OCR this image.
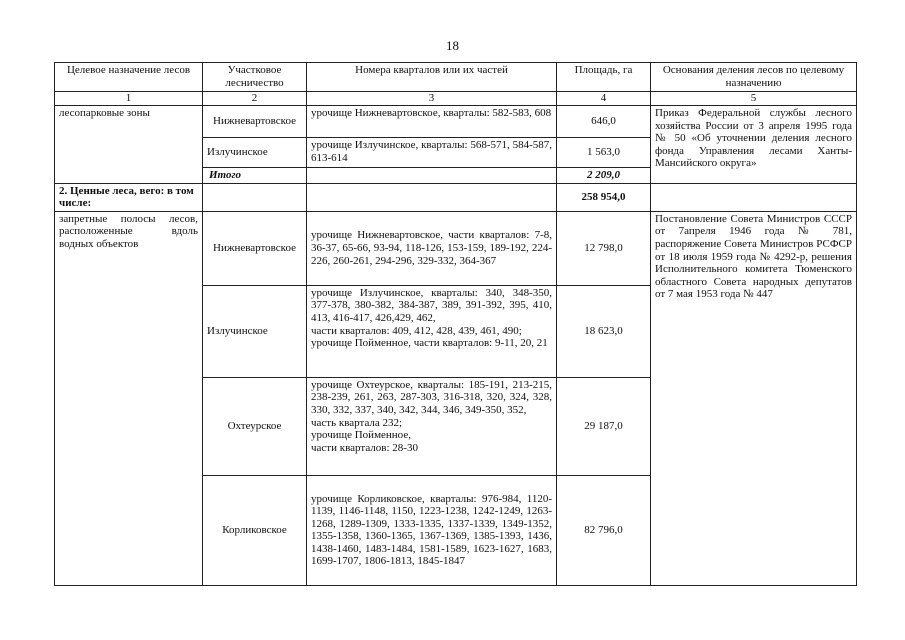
18
Целевое назначение лесов	Участковое лесничество	Номера кварталов или их частей	Площадь, га	Основания деления лесов по целевому назначению
1	2	3	4	5
лесопарковые зоны	Нижневартовское	урочище Нижневартовское, кварталы: 582-583, 608	646,0	Приказ Федеральной службы лесного хозяйства России от 3 апреля 1995 года № 50 «Об уточнении деления лесного фонда Управления лесами Ханты-Мансийского округа»
	Излучинское	урочище Излучинское, кварталы: 568-571, 584-587, 613-614	1 563,0	
	Итого		2 209,0	
2. Ценные леса, вего: в том числе:			258 954,0	
запретные полосы лесов, расположенные вдоль водных объектов	Нижневартовское	урочище Нижневартовское, части кварталов: 7-8, 36-37, 65-66, 93-94, 118-126, 153-159, 189-192, 224-226, 260-261, 294-296, 329-332, 364-367	12 798,0	Постановление Совета Министров СССР от 7апреля 1946 года № 781, распоряжение Совета Министров РСФСР от 18 июля 1959 года № 4292-р, решения Исполнительного комитета Тюменского областного Совета народных депутатов от 7 мая 1953 года № 447
	Излучинское	урочище Излучинское, кварталы: 340, 348-350, 377-378, 380-382, 384-387, 389, 391-392, 395, 410, 413, 416-417, 426,429, 462,
части кварталов: 409, 412, 428, 439, 461, 490;
урочище Пойменное, части кварталов: 9-11, 20, 21	18 623,0	
	Охтеурское	урочище Охтеурское, кварталы: 185-191, 213-215, 238-239, 261, 263, 287-303, 316-318, 320, 324, 328, 330, 332, 337, 340, 342, 344, 346, 349-350, 352,
часть квартала 232;
урочище Пойменное,
части кварталов: 28-30	29 187,0	
	Корликовское	урочище Корликовское, кварталы: 976-984, 1120-1139, 1146-1148, 1150, 1223-1238, 1242-1249, 1263-1268, 1289-1309, 1333-1335, 1337-1339, 1349-1352, 1355-1358, 1360-1365, 1367-1369, 1385-1393, 1436, 1438-1460, 1483-1484, 1581-1589, 1623-1627, 1683, 1699-1707, 1806-1813, 1845-1847	82 796,0	
